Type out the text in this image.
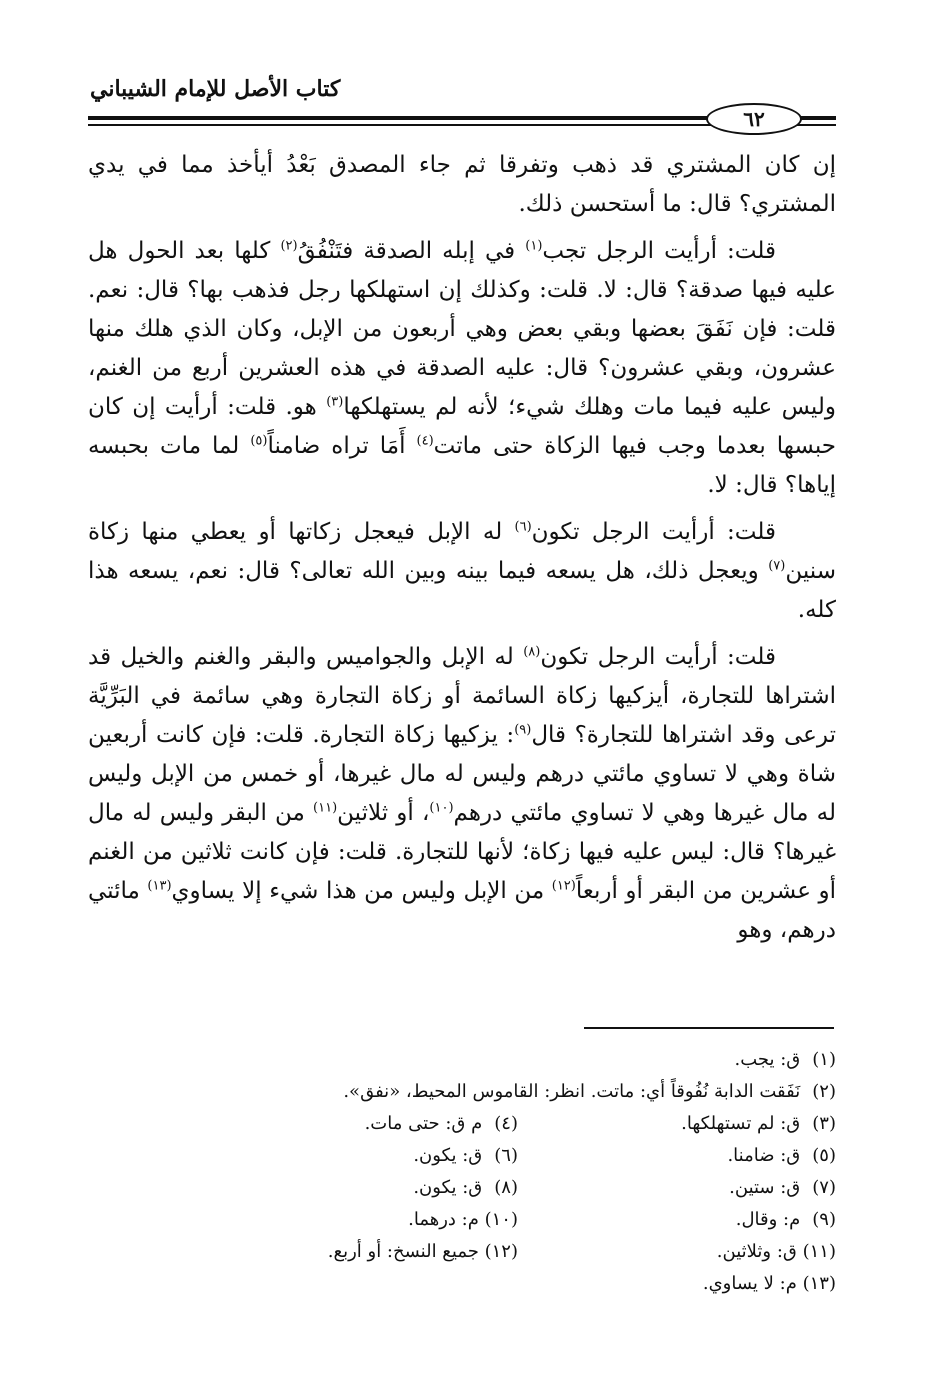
كتاب الأصل للإمام الشيباني
٦٢

إن كان المشتري قد ذهب وتفرقا ثم جاء المصدق بَعْدُ أيأخذ مما في يدي المشتري؟ قال: ما أستحسن ذلك.

قلت: أرأيت الرجل تجب$^{(١)}$ في إبله الصدقة فتَنْفُقُ$^{(٢)}$ كلها بعد الحول هل عليه فيها صدقة؟ قال: لا. قلت: وكذلك إن استهلكها رجل فذهب بها؟ قال: نعم. قلت: فإن نَفَقَ بعضها وبقي بعض وهي أربعون من الإبل، وكان الذي هلك منها عشرون، وبقي عشرون؟ قال: عليه الصدقة في هذه العشرين أربع من الغنم، وليس عليه فيما مات وهلك شيء؛ لأنه لم يستهلكها$^{(٣)}$ هو. قلت: أرأيت إن كان حبسها بعدما وجب فيها الزكاة حتى ماتت$^{(٤)}$ أَمَا تراه ضامناً$^{(٥)}$ لما مات بحبسه إياها؟ قال: لا.

قلت: أرأيت الرجل تكون$^{(٦)}$ له الإبل فيعجل زكاتها أو يعطي منها زكاة سنين$^{(٧)}$ ويعجل ذلك، هل يسعه فيما بينه وبين الله تعالى؟ قال: نعم، يسعه هذا كله.

قلت: أرأيت الرجل تكون$^{(٨)}$ له الإبل والجواميس والبقر والغنم والخيل قد اشتراها للتجارة، أيزكيها زكاة السائمة أو زكاة التجارة وهي سائمة في البَرِّيَّة ترعى وقد اشتراها للتجارة؟ قال$^{(٩)}$: يزكيها زكاة التجارة. قلت: فإن كانت أربعين شاة وهي لا تساوي مائتي درهم وليس له مال غيرها، أو خمس من الإبل وليس له مال غيرها وهي لا تساوي مائتي درهم$^{(١٠)}$، أو ثلاثين$^{(١١)}$ من البقر وليس له مال غيرها؟ قال: ليس عليه فيها زكاة؛ لأنها للتجارة. قلت: فإن كانت ثلاثين من الغنم أو عشرين من البقر أو أربعاً$^{(١٢)}$ من الإبل وليس من هذا شيء إلا يساوي$^{(١٣)}$ مائتي درهم، وهو

(١) ق: يجب.
(٢) نَفَقت الدابة نُفُوقاً أي: ماتت. انظر: القاموس المحيط، «نفق».
(٣) ق: لم تستهلكها.
(٤) م ق: حتى مات.
(٥) ق: ضامنا.
(٦) ق: يكون.
(٧) ق: ستين.
(٨) ق: يكون.
(٩) م: وقال.
(١٠) م: درهما.
(١١) ق: وثلاثين.
(١٢) جميع النسخ: أو أربع.
(١٣) م: لا يساوي.
